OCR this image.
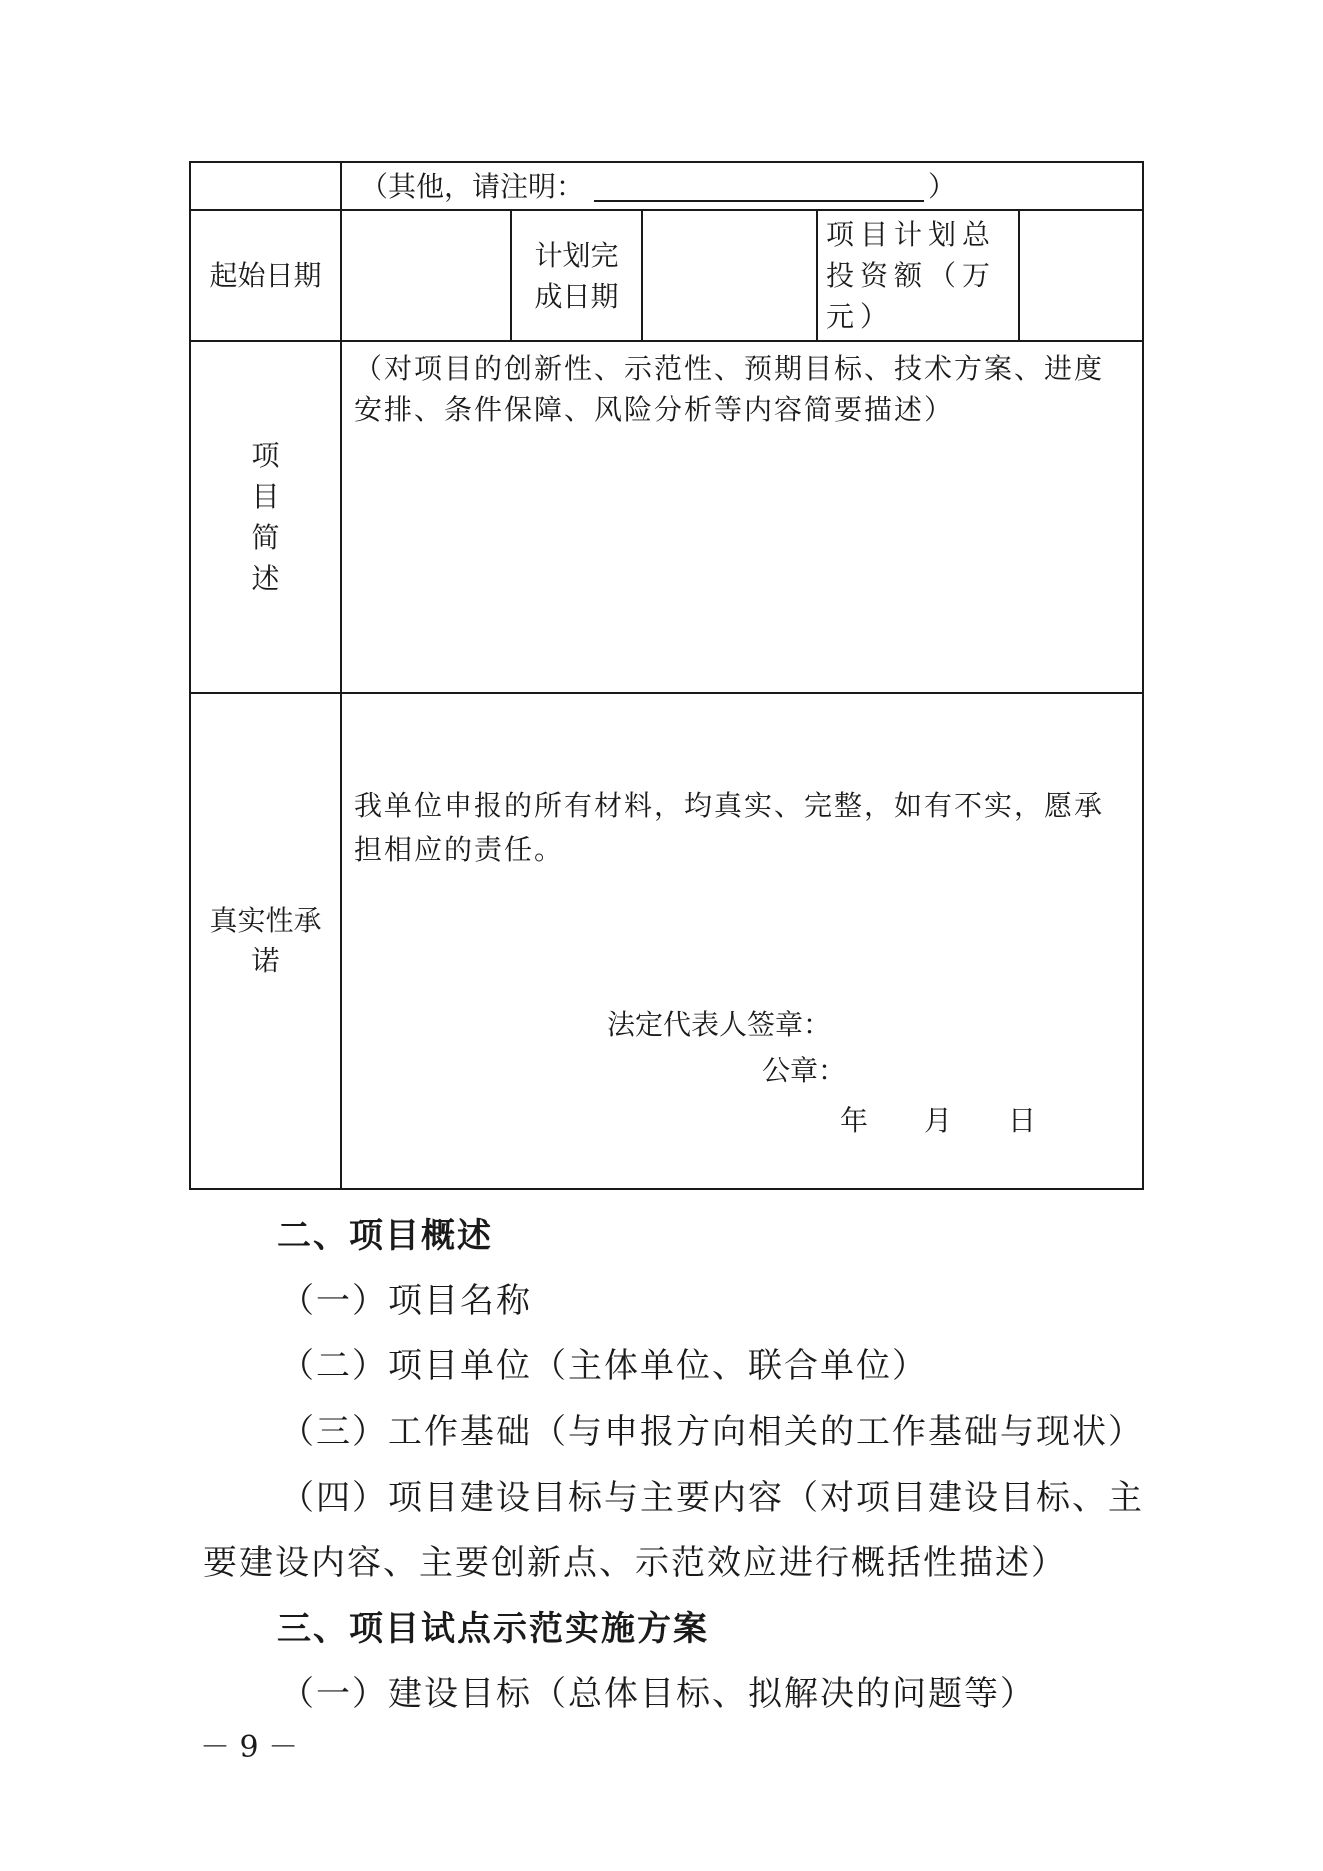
	（其他，请注明： ）				
起始日期		计划完成日期		项目计划总投资额（万元）	

项
目
简
述	（对项目的创新性、示范性、预期目标、技术方案、进度安排、条件保障、风险分析等内容简要描述）				

真实性承诺	我单位申报的所有材料，均真实、完整，如有不实，愿承担相应的责任。
法定代表人签章：
公章：
年　　月　　日				
二、项目概述
（一）项目名称
（二）项目单位（主体单位、联合单位）
（三）工作基础（与申报方向相关的工作基础与现状）
（四）项目建设目标与主要内容（对项目建设目标、主
要建设内容、主要创新点、示范效应进行概括性描述）
三、项目试点示范实施方案
（一）建设目标（总体目标、拟解决的问题等）
－ 9 －
